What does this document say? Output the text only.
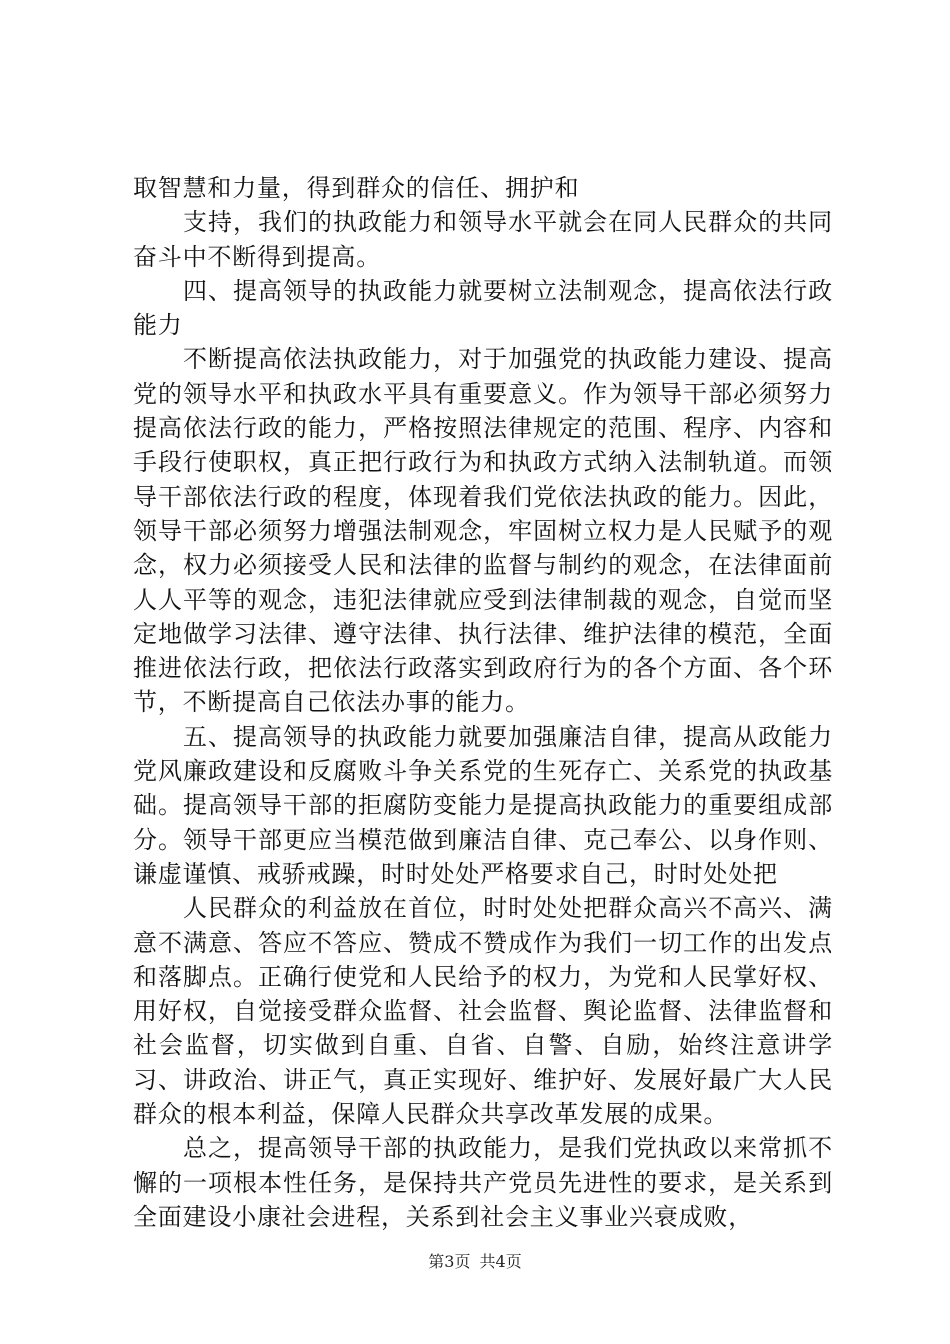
取智慧和力量，得到群众的信任、拥护和

支持，我们的执政能力和领导水平就会在同人民群众的共同奋斗中不断得到提高。

四、提高领导的执政能力就要树立法制观念，提高依法行政能力

不断提高依法执政能力，对于加强党的执政能力建设、提高党的领导水平和执政水平具有重要意义。作为领导干部必须努力提高依法行政的能力，严格按照法律规定的范围、程序、内容和手段行使职权，真正把行政行为和执政方式纳入法制轨道。而领导干部依法行政的程度，体现着我们党依法执政的能力。因此，领导干部必须努力增强法制观念，牢固树立权力是人民赋予的观念，权力必须接受人民和法律的监督与制约的观念，在法律面前人人平等的观念，违犯法律就应受到法律制裁的观念，自觉而坚定地做学习法律、遵守法律、执行法律、维护法律的模范，全面推进依法行政，把依法行政落实到政府行为的各个方面、各个环节，不断提高自己依法办事的能力。

五、提高领导的执政能力就要加强廉洁自律，提高从政能力党风廉政建设和反腐败斗争关系党的生死存亡、关系党的执政基础。提高领导干部的拒腐防变能力是提高执政能力的重要组成部分。领导干部更应当模范做到廉洁自律、克己奉公、以身作则、谦虚谨慎、戒骄戒躁，时时处处严格要求自己，时时处处把

人民群众的利益放在首位，时时处处把群众高兴不高兴、满意不满意、答应不答应、赞成不赞成作为我们一切工作的出发点和落脚点。正确行使党和人民给予的权力，为党和人民掌好权、用好权，自觉接受群众监督、社会监督、舆论监督、法律监督和社会监督，切实做到自重、自省、自警、自励，始终注意讲学习、讲政治、讲正气，真正实现好、维护好、发展好最广大人民群众的根本利益，保障人民群众共享改革发展的成果。

总之，提高领导干部的执政能力，是我们党执政以来常抓不懈的一项根本性任务，是保持共产党员先进性的要求，是关系到全面建设小康社会进程，关系到社会主义事业兴衰成败，

第3页 共4页
